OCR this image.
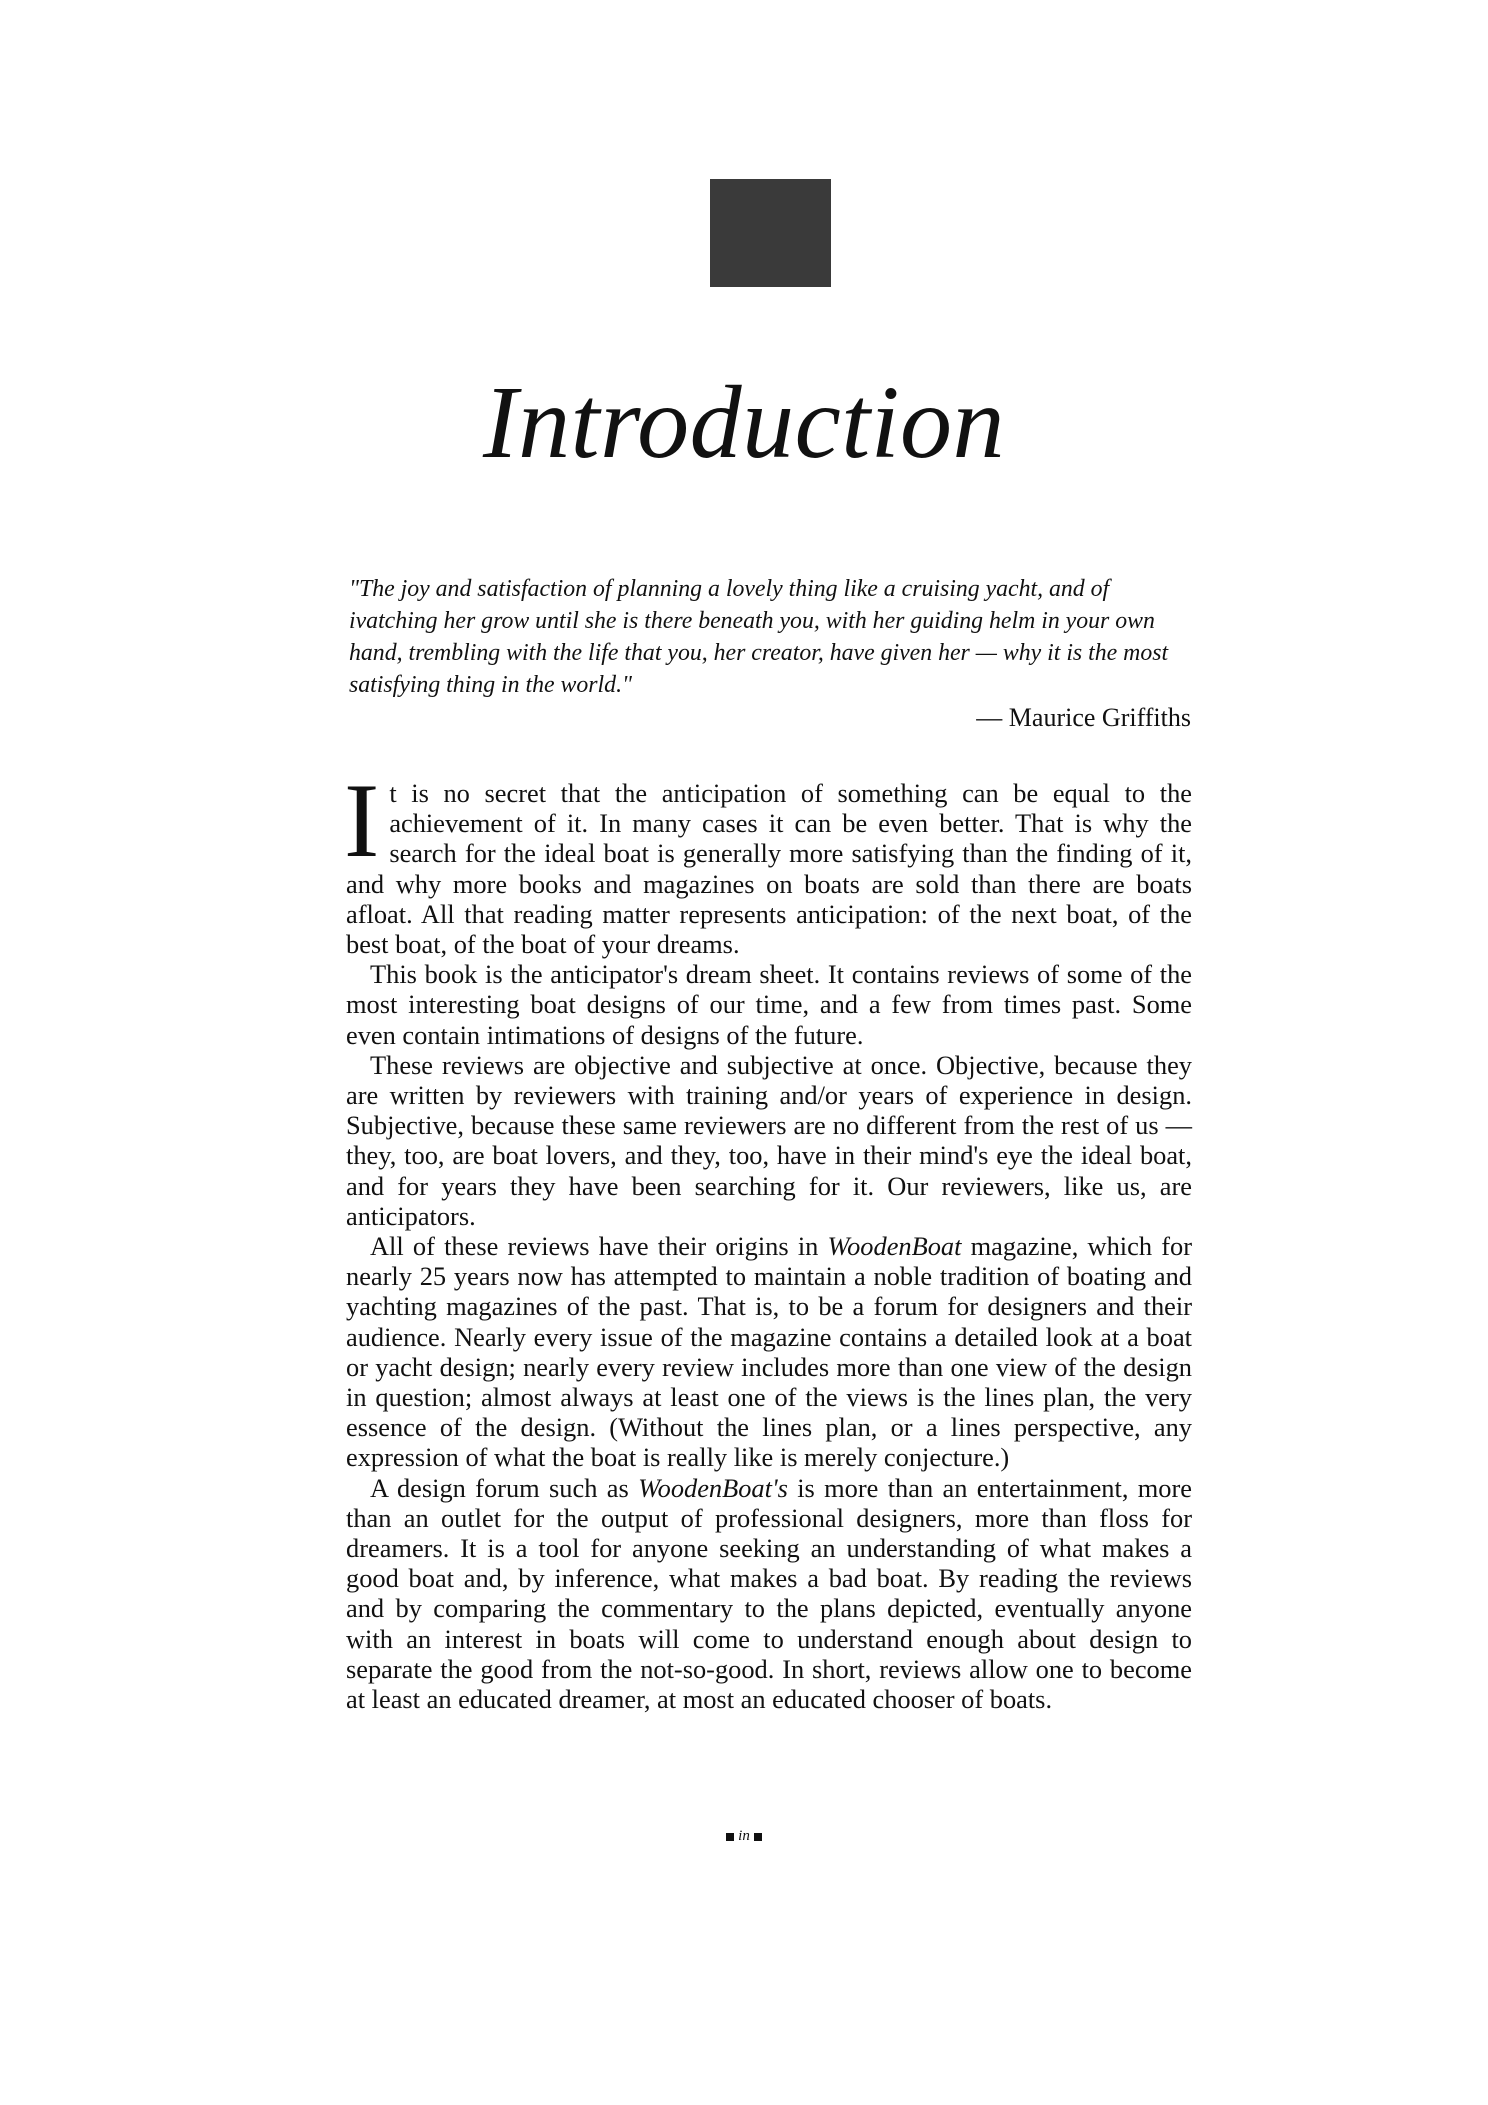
Introduction

"The joy and satisfaction of planning a lovely thing like a cruising yacht, and of ivatching her grow until she is there beneath you, with her guiding helm in your own hand, trembling with the life that you, her creator, have given her — why it is the most satisfying thing in the world."

— Maurice Griffiths

It is no secret that the anticipation of something can be equal to the achievement of it. In many cases it can be even better. That is why the search for the ideal boat is generally more satisfying than the finding of it, and why more books and magazines on boats are sold than there are boats afloat. All that reading matter represents anticipation: of the next boat, of the best boat, of the boat of your dreams.

This book is the anticipator's dream sheet. It contains reviews of some of the most interesting boat designs of our time, and a few from times past. Some even contain intimations of designs of the future.

These reviews are objective and subjective at once. Objective, because they are written by reviewers with training and/or years of experience in design. Subjective, because these same reviewers are no different from the rest of us — they, too, are boat lovers, and they, too, have in their mind's eye the ideal boat, and for years they have been searching for it. Our reviewers, like us, are anticipators.

All of these reviews have their origins in WoodenBoat magazine, which for nearly 25 years now has attempted to maintain a noble tradition of boating and yachting magazines of the past. That is, to be a forum for designers and their audience. Nearly every issue of the magazine contains a detailed look at a boat or yacht design; nearly every review includes more than one view of the design in question; almost always at least one of the views is the lines plan, the very essence of the design. (Without the lines plan, or a lines perspective, any expression of what the boat is really like is merely conjecture.)

A design forum such as WoodenBoat's is more than an entertainment, more than an outlet for the output of professional designers, more than floss for dreamers. It is a tool for anyone seeking an understanding of what makes a good boat and, by inference, what makes a bad boat. By reading the reviews and by comparing the commentary to the plans depicted, eventually anyone with an interest in boats will come to understand enough about design to separate the good from the not-so-good. In short, reviews allow one to become at least an educated dreamer, at most an educated chooser of boats.

in
